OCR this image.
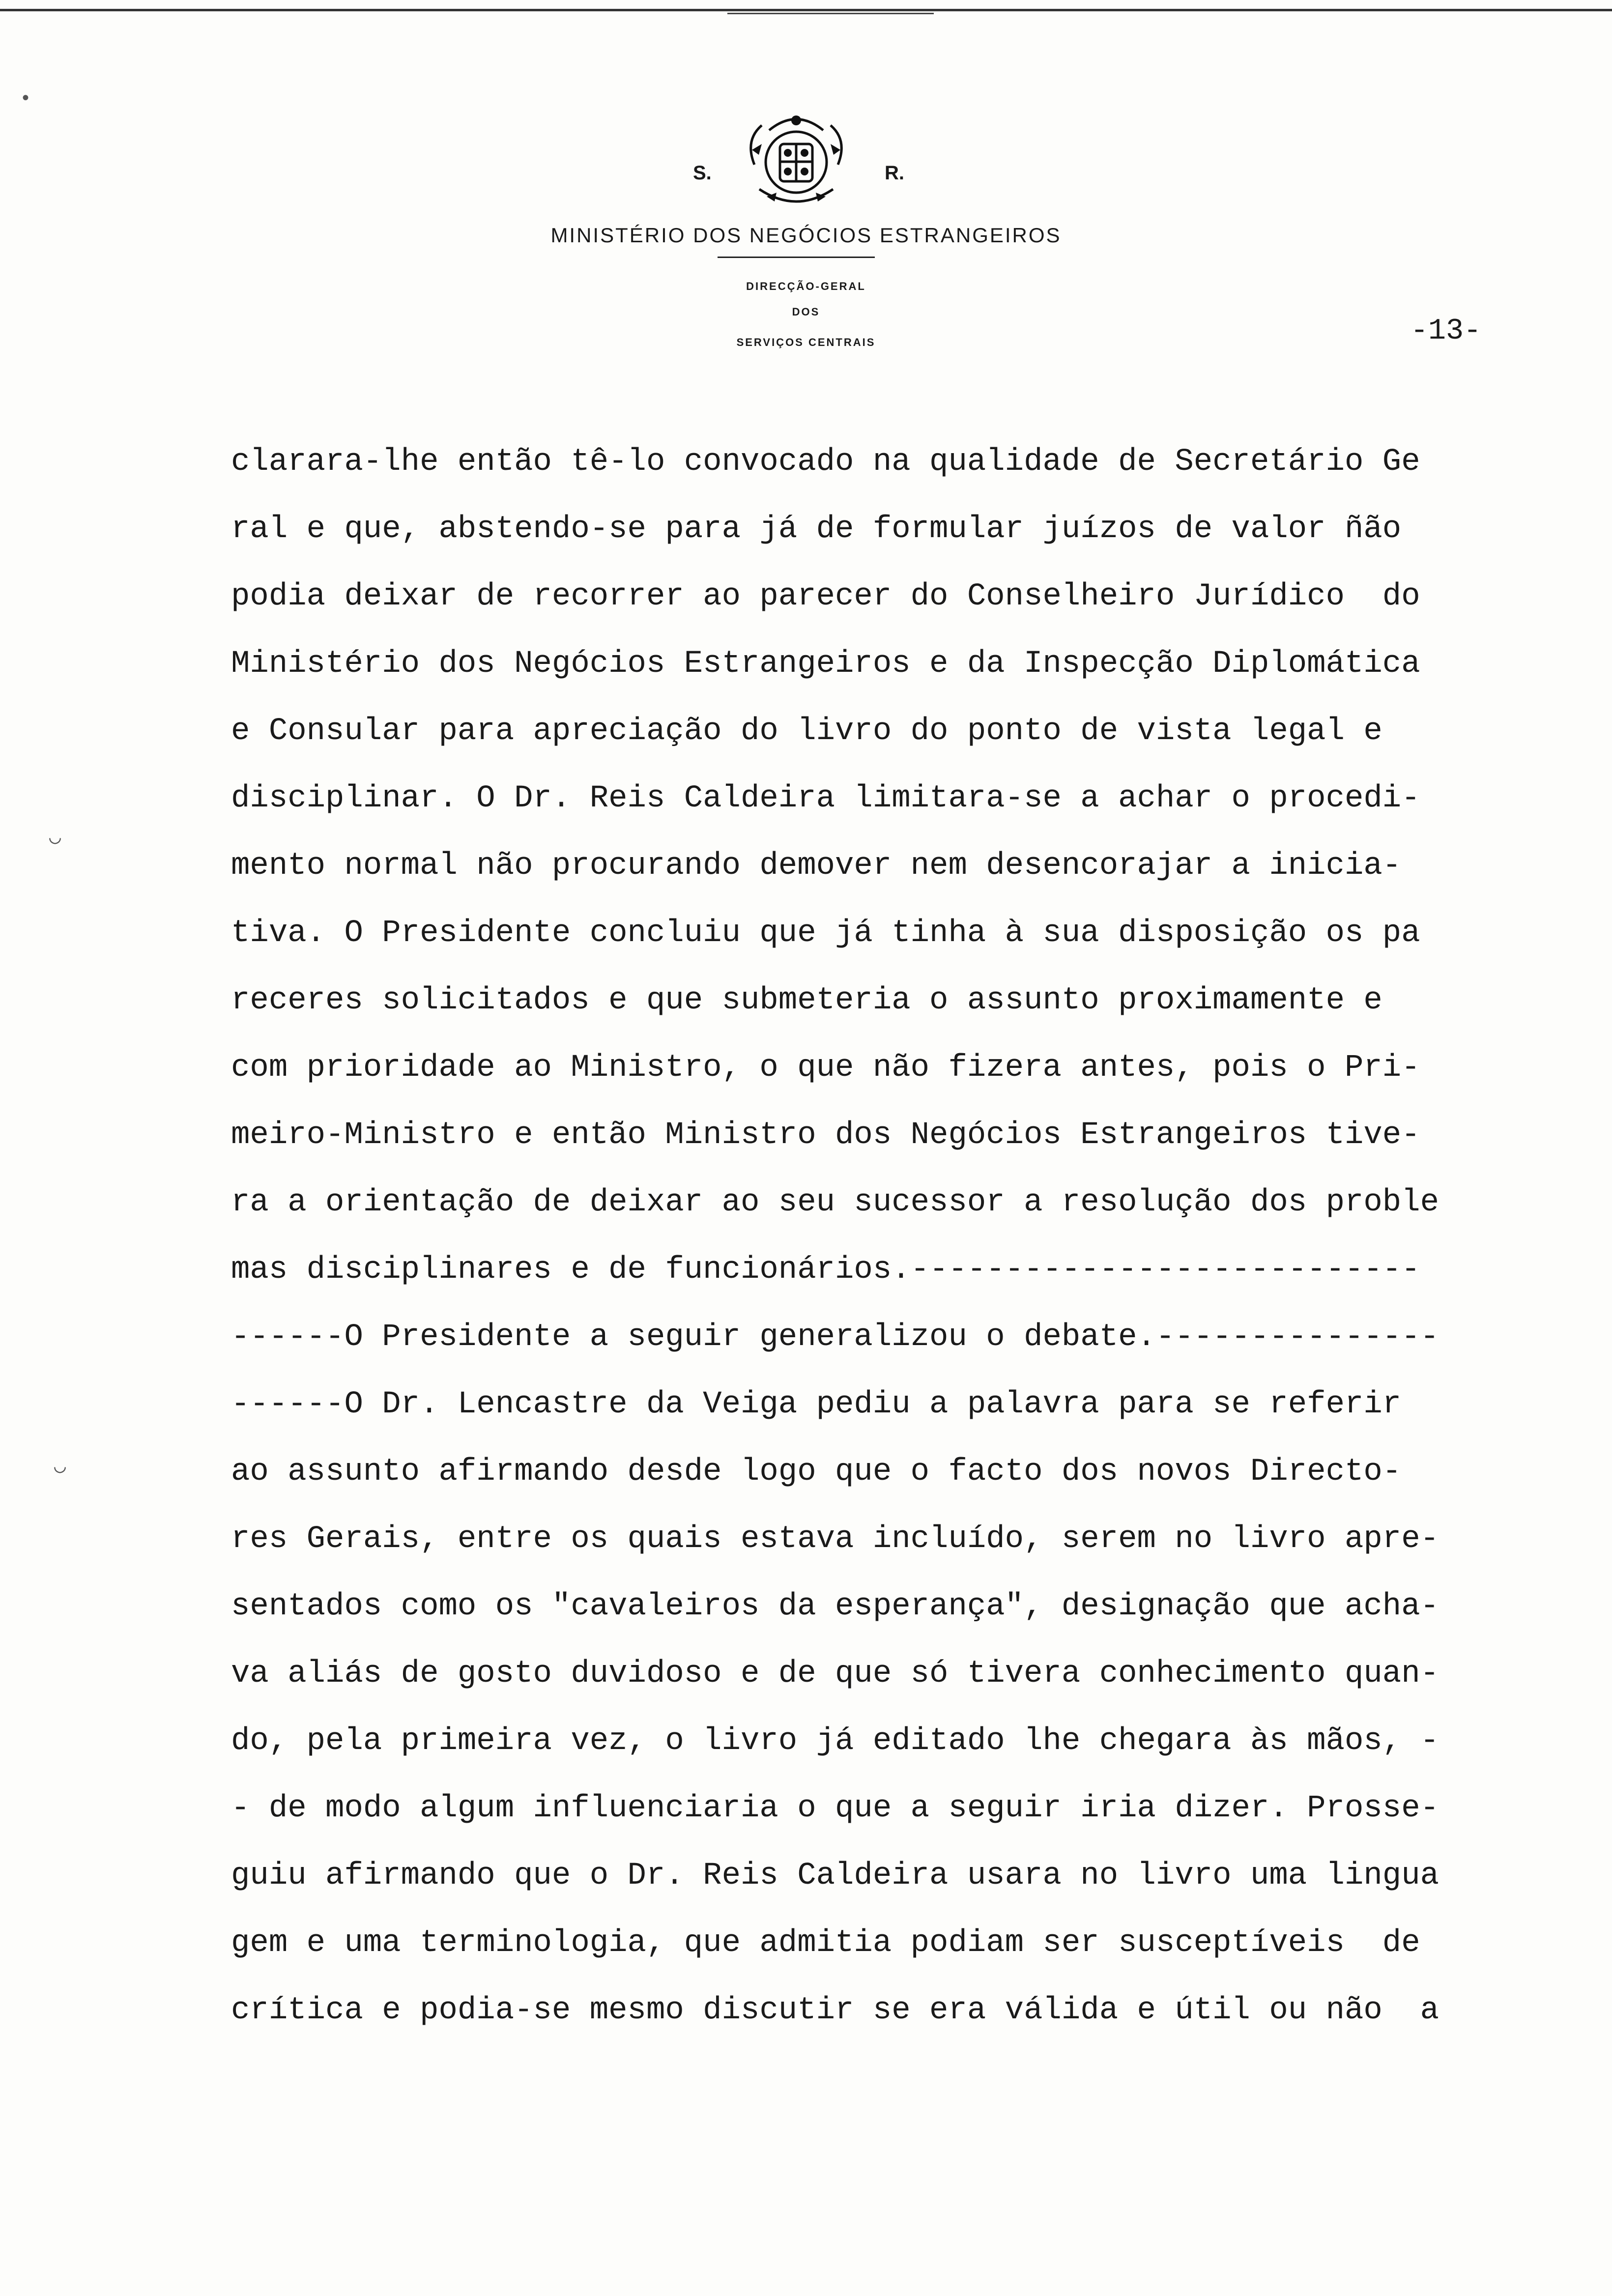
S.	R.
MINISTÉRIO DOS NEGÓCIOS ESTRANGEIROS
DIRECÇÃO-GERAL
DOS
SERVIÇOS CENTRAIS	-13-
•
◡
◡
clarara-lhe então tê-lo convocado na qualidade de Secretário Ge
ral e que, abstendo-se para já de formular juízos de valor ñão
podia deixar de recorrer ao parecer do Conselheiro Jurídico  do
Ministério dos Negócios Estrangeiros e da Inspecção Diplomática
e Consular para apreciação do livro do ponto de vista legal e
disciplinar. O Dr. Reis Caldeira limitara-se a achar o procedi-
mento normal não procurando demover nem desencorajar a inicia-
tiva. O Presidente concluiu que já tinha à sua disposição os pa
receres solicitados e que submeteria o assunto proximamente e
com prioridade ao Ministro, o que não fizera antes, pois o Pri-
meiro-Ministro e então Ministro dos Negócios Estrangeiros tive-
ra a orientação de deixar ao seu sucessor a resolução dos proble
mas disciplinares e de funcionários.---------------------------
------O Presidente a seguir generalizou o debate.---------------
------O Dr. Lencastre da Veiga pediu a palavra para se referir
ao assunto afirmando desde logo que o facto dos novos Directo-
res Gerais, entre os quais estava incluído, serem no livro apre-
sentados como os "cavaleiros da esperança", designação que acha-
va aliás de gosto duvidoso e de que só tivera conhecimento quan-
do, pela primeira vez, o livro já editado lhe chegara às mãos, -
- de modo algum influenciaria o que a seguir iria dizer. Prosse-
guiu afirmando que o Dr. Reis Caldeira usara no livro uma lingua
gem e uma terminologia, que admitia podiam ser susceptíveis  de
crítica e podia-se mesmo discutir se era válida e útil ou não  a
